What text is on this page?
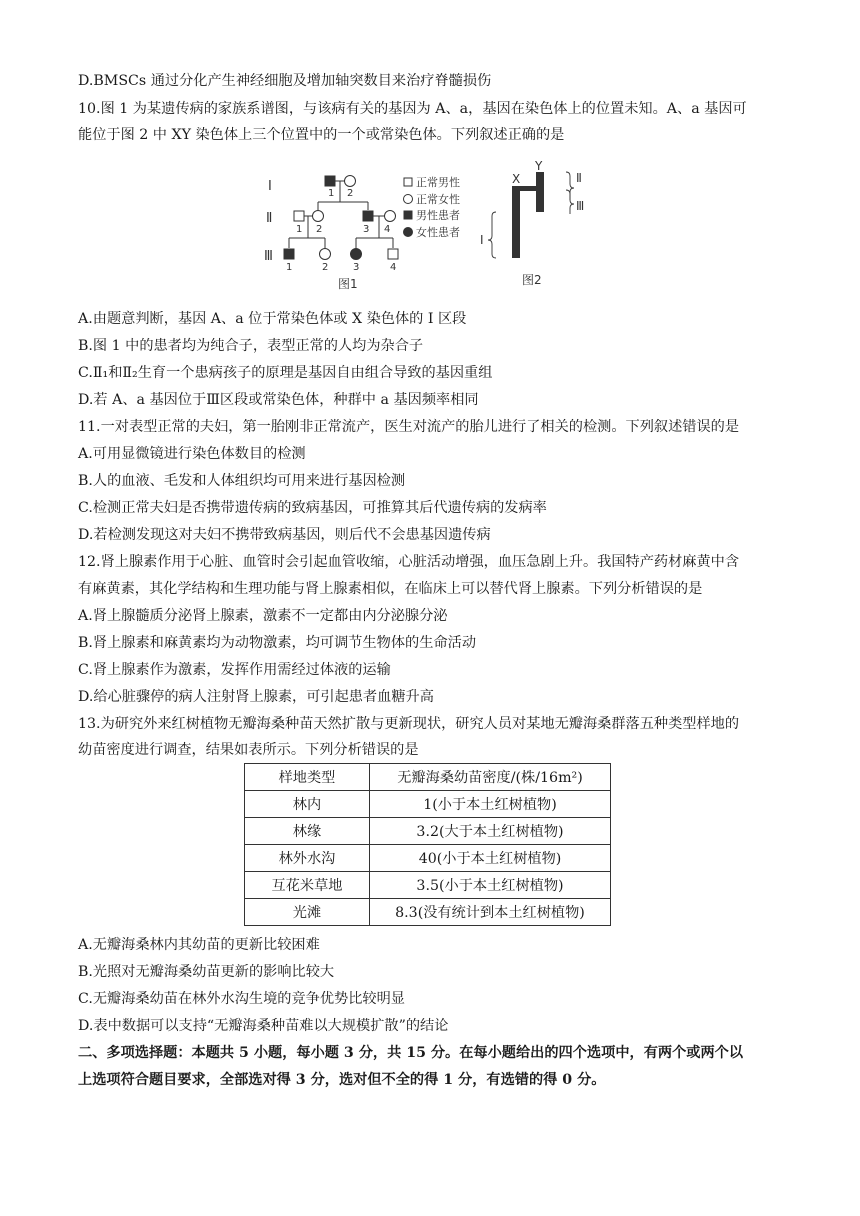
D.BMSCs 通过分化产生神经细胞及增加轴突数目来治疗脊髓损伤
10.图 1 为某遗传病的家族系谱图，与该病有关的基因为 A、a，基因在染色体上的位置未知。A、a 基因可
能位于图 2 中 XY 染色体上三个位置中的一个或常染色体。下列叙述正确的是
Ⅰ
Ⅱ
Ⅲ
1 2
1 2	3 4
1	2 3	4
正常男性
正常女性
男性患者
女性患者
图1
X
Y
Ⅱ
Ⅲ
Ⅰ
图2
A.由题意判断，基因 A、a 位于常染色体或 X 染色体的 Ⅰ 区段
B.图 1 中的患者均为纯合子，表型正常的人均为杂合子
C.Ⅱ₁和Ⅱ₂生育一个患病孩子的原理是基因自由组合导致的基因重组
D.若 A、a 基因位于Ⅲ区段或常染色体，种群中 a 基因频率相同
11.一对表型正常的夫妇，第一胎刚非正常流产，医生对流产的胎儿进行了相关的检测。下列叙述错误的是
A.可用显微镜进行染色体数目的检测
B.人的血液、毛发和人体组织均可用来进行基因检测
C.检测正常夫妇是否携带遗传病的致病基因，可推算其后代遗传病的发病率
D.若检测发现这对夫妇不携带致病基因，则后代不会患基因遗传病
12.肾上腺素作用于心脏、血管时会引起血管收缩，心脏活动增强，血压急剧上升。我国特产药材麻黄中含
有麻黄素，其化学结构和生理功能与肾上腺素相似，在临床上可以替代肾上腺素。下列分析错误的是
A.肾上腺髓质分泌肾上腺素，激素不一定都由内分泌腺分泌
B.肾上腺素和麻黄素均为动物激素，均可调节生物体的生命活动
C.肾上腺素作为激素，发挥作用需经过体液的运输
D.给心脏骤停的病人注射肾上腺素，可引起患者血糖升高
13.为研究外来红树植物无瓣海桑种苗天然扩散与更新现状，研究人员对某地无瓣海桑群落五种类型样地的
幼苗密度进行调查，结果如表所示。下列分析错误的是
样地类型	无瓣海桑幼苗密度/(株/16m²)
林内	1(小于本土红树植物)
林缘	3.2(大于本土红树植物)
林外水沟	40(小于本土红树植物)
互花米草地	3.5(小于本土红树植物)
光滩	8.3(没有统计到本土红树植物)
A.无瓣海桑林内其幼苗的更新比较困难
B.光照对无瓣海桑幼苗更新的影响比较大
C.无瓣海桑幼苗在林外水沟生境的竞争优势比较明显
D.表中数据可以支持“无瓣海桑种苗难以大规模扩散”的结论
二、多项选择题：本题共 5 小题，每小题 3 分，共 15 分。在每小题给出的四个选项中，有两个或两个以
上选项符合题目要求，全部选对得 3 分，选对但不全的得 1 分，有选错的得 0 分。
